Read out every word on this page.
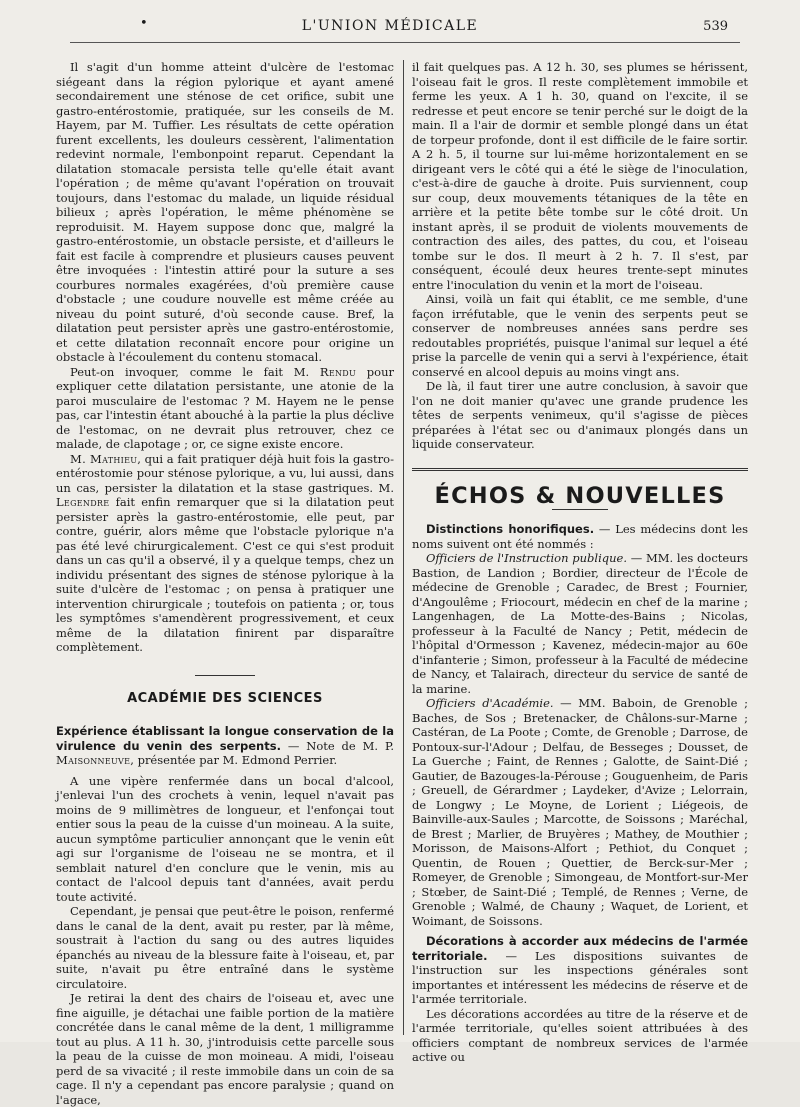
•	L'UNION MÉDICALE	539

Il s'agit d'un homme atteint d'ulcère de l'estomac siégeant dans la région pylorique et ayant amené secondairement une sténose de cet orifice, subit une gastro-entérostomie, pratiquée, sur les conseils de M. Hayem, par M. Tuffier. Les résultats de cette opération furent excellents, les douleurs cessèrent, l'alimentation redevint normale, l'embonpoint reparut. Cependant la dilatation stomacale persista telle qu'elle était avant l'opération ; de même qu'avant l'opération on trouvait toujours, dans l'estomac du malade, un liquide résidual bilieux ; après l'opération, le même phénomène se reproduisit. M. Hayem suppose donc que, malgré la gastro-entérostomie, un obstacle persiste, et d'ailleurs le fait est facile à comprendre et plusieurs causes peuvent être invoquées : l'intestin attiré pour la suture a ses courbures normales exagérées, d'où première cause d'obstacle ; une coudure nouvelle est même créée au niveau du point suturé, d'où seconde cause. Bref, la dilatation peut persister après une gastro-entérostomie, et cette dilatation reconnaît encore pour origine un obstacle à l'écoulement du contenu stomacal.

Peut-on invoquer, comme le fait M. Rendu pour expliquer cette dilatation persistante, une atonie de la paroi musculaire de l'estomac ? M. Hayem ne le pense pas, car l'intestin étant abouché à la partie la plus déclive de l'estomac, on ne devrait plus retrouver, chez ce malade, de clapotage ; or, ce signe existe encore.

M. Mathieu, qui a fait pratiquer déjà huit fois la gastro-entérostomie pour sténose pylorique, a vu, lui aussi, dans un cas, persister la dilatation et la stase gastriques. M. Legendre fait enfin remarquer que si la dilatation peut persister après la gastro-entérostomie, elle peut, par contre, guérir, alors même que l'obstacle pylorique n'a pas été levé chirurgicalement. C'est ce qui s'est produit dans un cas qu'il a observé, il y a quelque temps, chez un individu présentant des signes de sténose pylorique à la suite d'ulcère de l'estomac ; on pensa à pratiquer une intervention chirurgicale ; toutefois on patienta ; or, tous les symptômes s'amendèrent progressivement, et ceux même de la dilatation finirent par disparaître complètement.

ACADÉMIE DES SCIENCES

Expérience établissant la longue conservation de la virulence du venin des serpents. — Note de M. P. Maisonneuve, présentée par M. Edmond Perrier.

A une vipère renfermée dans un bocal d'alcool, j'enlevai l'un des crochets à venin, lequel n'avait pas moins de 9 millimètres de longueur, et l'enfonçai tout entier sous la peau de la cuisse d'un moineau. A la suite, aucun symptôme particulier annonçant que le venin eût agi sur l'organisme de l'oiseau ne se montra, et il semblait naturel d'en conclure que le venin, mis au contact de l'alcool depuis tant d'années, avait perdu toute activité.

Cependant, je pensai que peut-être le poison, renfermé dans le canal de la dent, avait pu rester, par là même, soustrait à l'action du sang ou des autres liquides épanchés au niveau de la blessure faite à l'oiseau, et, par suite, n'avait pu être entraîné dans le système circulatoire.

Je retirai la dent des chairs de l'oiseau et, avec une fine aiguille, je détachai une faible portion de la matière concrétée dans le canal même de la dent, 1 milligramme tout au plus. A 11 h. 30, j'introduisis cette parcelle sous la peau de la cuisse de mon moineau. A midi, l'oiseau perd de sa vivacité ; il reste immobile dans un coin de sa cage. Il n'y a cependant pas encore paralysie ; quand on l'agace,

il fait quelques pas. A 12 h. 30, ses plumes se hérissent, l'oiseau fait le gros. Il reste complètement immobile et ferme les yeux. A 1 h. 30, quand on l'excite, il se redresse et peut encore se tenir perché sur le doigt de la main. Il a l'air de dormir et semble plongé dans un état de torpeur profonde, dont il est difficile de le faire sortir. A 2 h. 5, il tourne sur lui-même horizontalement en se dirigeant vers le côté qui a été le siège de l'inoculation, c'est-à-dire de gauche à droite. Puis surviennent, coup sur coup, deux mouvements tétaniques de la tête en arrière et la petite bête tombe sur le côté droit. Un instant après, il se produit de violents mouvements de contraction des ailes, des pattes, du cou, et l'oiseau tombe sur le dos. Il meurt à 2 h. 7. Il s'est, par conséquent, écoulé deux heures trente-sept minutes entre l'inoculation du venin et la mort de l'oiseau.

Ainsi, voilà un fait qui établit, ce me semble, d'une façon irréfutable, que le venin des serpents peut se conserver de nombreuses années sans perdre ses redoutables propriétés, puisque l'animal sur lequel a été prise la parcelle de venin qui a servi à l'expérience, était conservé en alcool depuis au moins vingt ans.

De là, il faut tirer une autre conclusion, à savoir que l'on ne doit manier qu'avec une grande prudence les têtes de serpents venimeux, qu'il s'agisse de pièces préparées à l'état sec ou d'animaux plongés dans un liquide conservateur.

ÉCHOS & NOUVELLES

Distinctions honorifiques. — Les médecins dont les noms suivent ont été nommés :

Officiers de l'Instruction publique. — MM. les docteurs Bastion, de Landion ; Bordier, directeur de l'École de médecine de Grenoble ; Caradec, de Brest ; Fournier, d'Angoulême ; Friocourt, médecin en chef de la marine ; Langenhagen, de La Motte-des-Bains ; Nicolas, professeur à la Faculté de Nancy ; Petit, médecin de l'hôpital d'Ormesson ; Kavenez, médecin-major au 60e d'infanterie ; Simon, professeur à la Faculté de médecine de Nancy, et Talairach, directeur du service de santé de la marine.

Officiers d'Académie. — MM. Baboin, de Grenoble ; Baches, de Sos ; Bretenacker, de Châlons-sur-Marne ; Castéran, de La Poote ; Comte, de Grenoble ; Darrose, de Pontoux-sur-l'Adour ; Delfau, de Besseges ; Dousset, de La Guerche ; Faint, de Rennes ; Galotte, de Saint-Dié ; Gautier, de Bazouges-la-Pérouse ; Gouguenheim, de Paris ; Greuell, de Gérardmer ; Laydeker, d'Avize ; Lelorrain, de Longwy ; Le Moyne, de Lorient ; Liégeois, de Bainville-aux-Saules ; Marcotte, de Soissons ; Maréchal, de Brest ; Marlier, de Bruyères ; Mathey, de Mouthier ; Morisson, de Maisons-Alfort ; Pethiot, du Conquet ; Quentin, de Rouen ; Quettier, de Berck-sur-Mer ; Romeyer, de Grenoble ; Simongeau, de Montfort-sur-Mer ; Stœber, de Saint-Dié ; Templé, de Rennes ; Verne, de Grenoble ; Walmé, de Chauny ; Waquet, de Lorient, et Woimant, de Soissons.

Décorations à accorder aux médecins de l'armée territoriale. — Les dispositions suivantes de l'instruction sur les inspections générales sont importantes et intéressent les médecins de réserve et de l'armée territoriale.

Les décorations accordées au titre de la réserve et de l'armée territoriale, qu'elles soient attribuées à des officiers comptant de nombreux services de l'armée active ou
